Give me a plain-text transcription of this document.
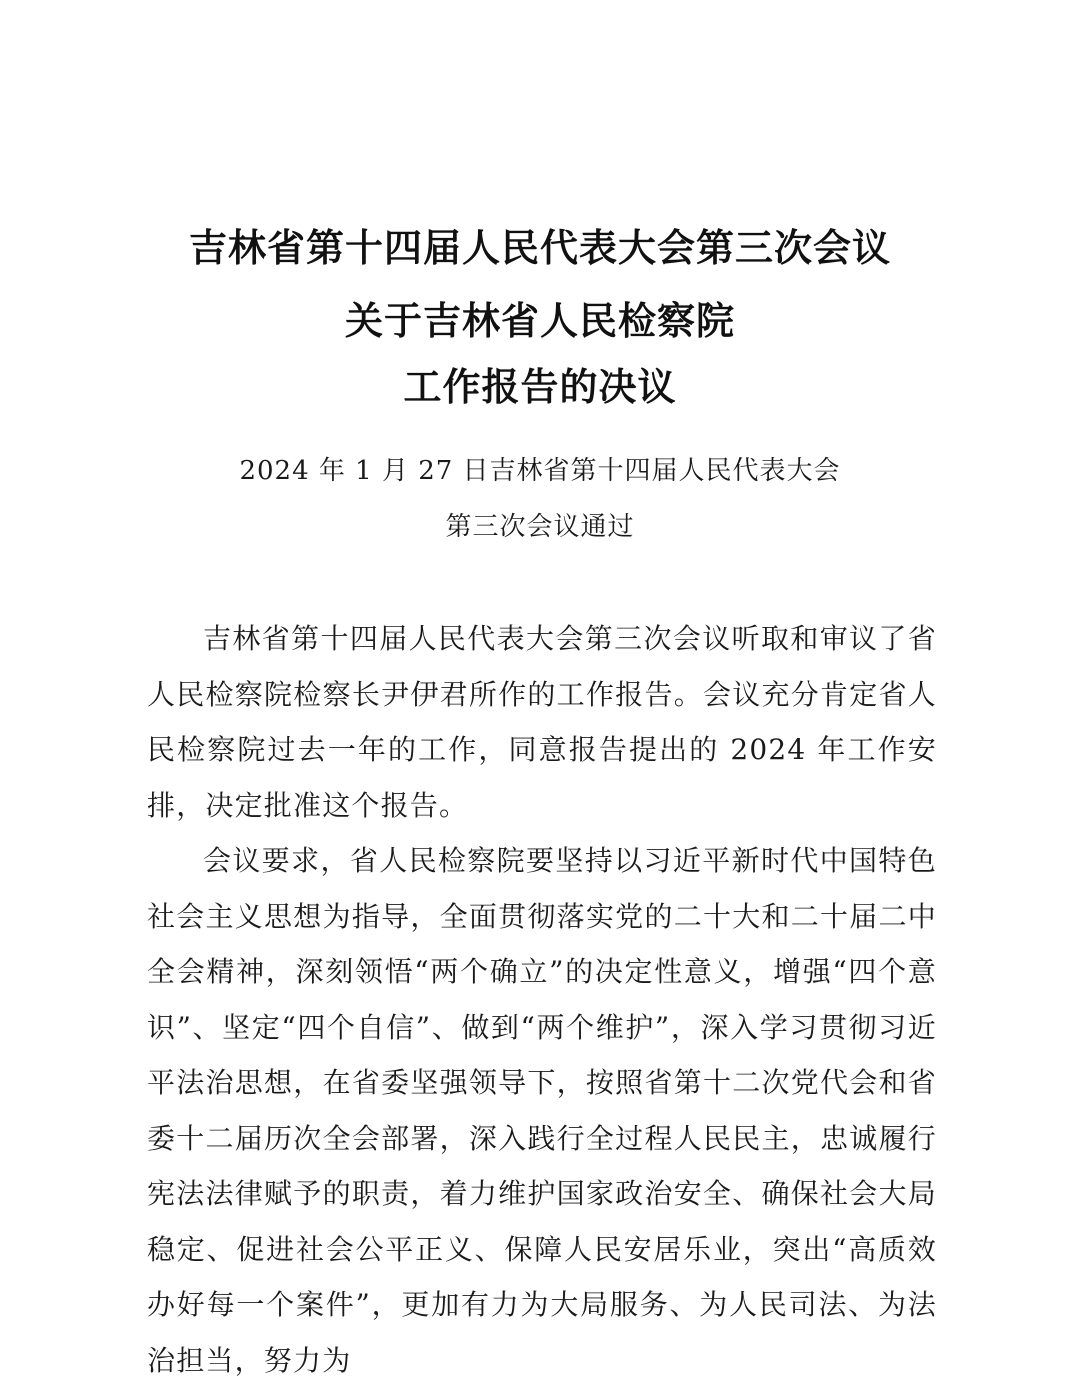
吉林省第十四届人民代表大会第三次会议
关于吉林省人民检察院
工作报告的决议
2024 年 1 月 27 日吉林省第十四届人民代表大会
第三次会议通过

吉林省第十四届人民代表大会第三次会议听取和审议了省人民检察院检察长尹伊君所作的工作报告。会议充分肯定省人民检察院过去一年的工作，同意报告提出的 2024 年工作安排，决定批准这个报告。

会议要求，省人民检察院要坚持以习近平新时代中国特色社会主义思想为指导，全面贯彻落实党的二十大和二十届二中全会精神，深刻领悟“两个确立”的决定性意义，增强“四个意识”、坚定“四个自信”、做到“两个维护”，深入学习贯彻习近平法治思想，在省委坚强领导下，按照省第十二次党代会和省委十二届历次全会部署，深入践行全过程人民民主，忠诚履行宪法法律赋予的职责，着力维护国家政治安全、确保社会大局稳定、促进社会公平正义、保障人民安居乐业，突出“高质效办好每一个案件”，更加有力为大局服务、为人民司法、为法治担当，努力为
